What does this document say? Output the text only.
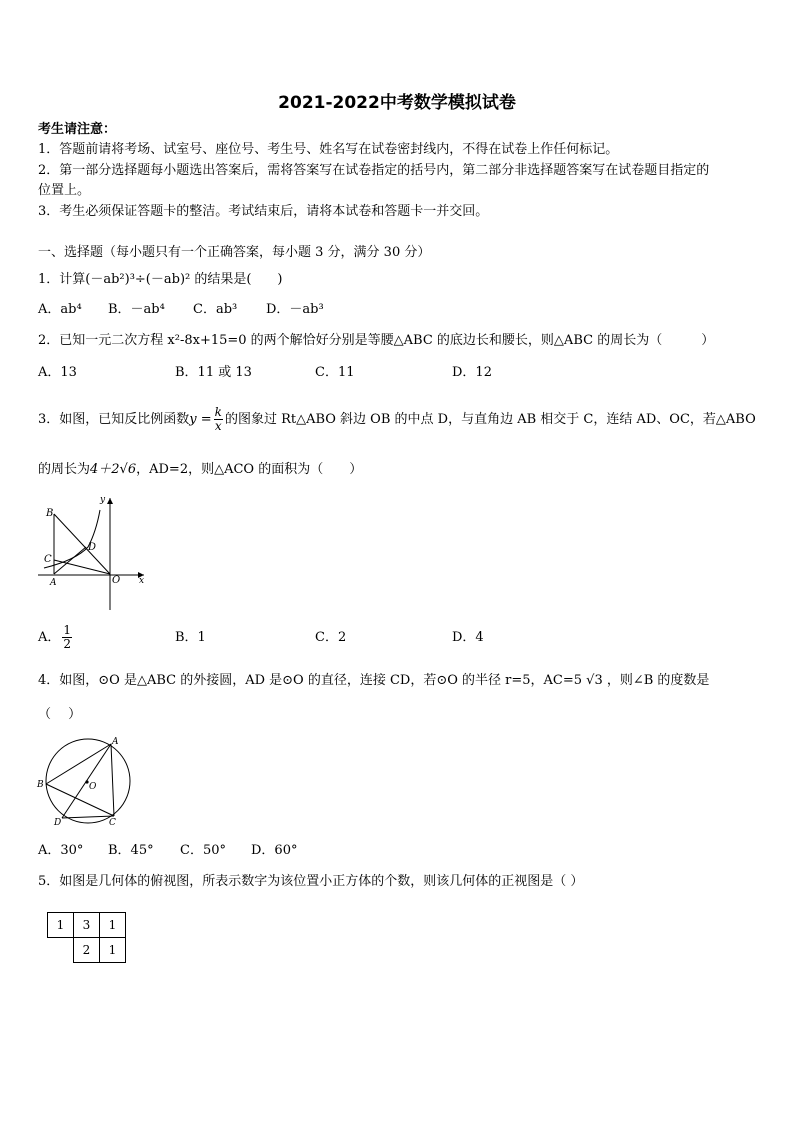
2021-2022中考数学模拟试卷
考生请注意：
1．答题前请将考场、试室号、座位号、考生号、姓名写在试卷密封线内，不得在试卷上作任何标记。
2．第一部分选择题每小题选出答案后，需将答案写在试卷指定的括号内，第二部分非选择题答案写在试卷题目指定的
位置上。
3．考生必须保证答题卡的整洁。考试结束后，请将本试卷和答题卡一并交回。
一、选择题（每小题只有一个正确答案，每小题 3 分，满分 30 分）
1．计算(－ab²)³÷(－ab)² 的结果是(　　)
A．ab⁴ B．－ab⁴ C．ab³ D．－ab³
2．已知一元二次方程 x²-8x+15=0 的两个解恰好分别是等腰△ABC 的底边长和腰长，则△ABC 的周长为（　　　）
A．13	B．11 或 13	C．11	D．12
3．如图，已知反比例函数$y = \frac{k}{x}$ 的图象过 Rt△ABO 斜边 OB 的中点 D，与直角边 AB 相交于 C，连结 AD、OC，若△ABO
的周长为4＋2√6，AD=2，则△ACO 的面积为（　　）
B
C
D
A	O x
y
A． $\frac{1}{2}$	B．1	C．2	D．4
4．如图，⊙O 是△ABC 的外接圆，AD 是⊙O 的直径，连接 CD，若⊙O 的半径 r=5，AC=5 √3 ，则∠B 的度数是
（　 ）
A
B
C
D
O
A．30° B．45° C．50° D．60°
5．如图是几何体的俯视图，所表示数字为该位置小正方体的个数，则该几何体的正视图是（ ）
1	3	1
	2	1
